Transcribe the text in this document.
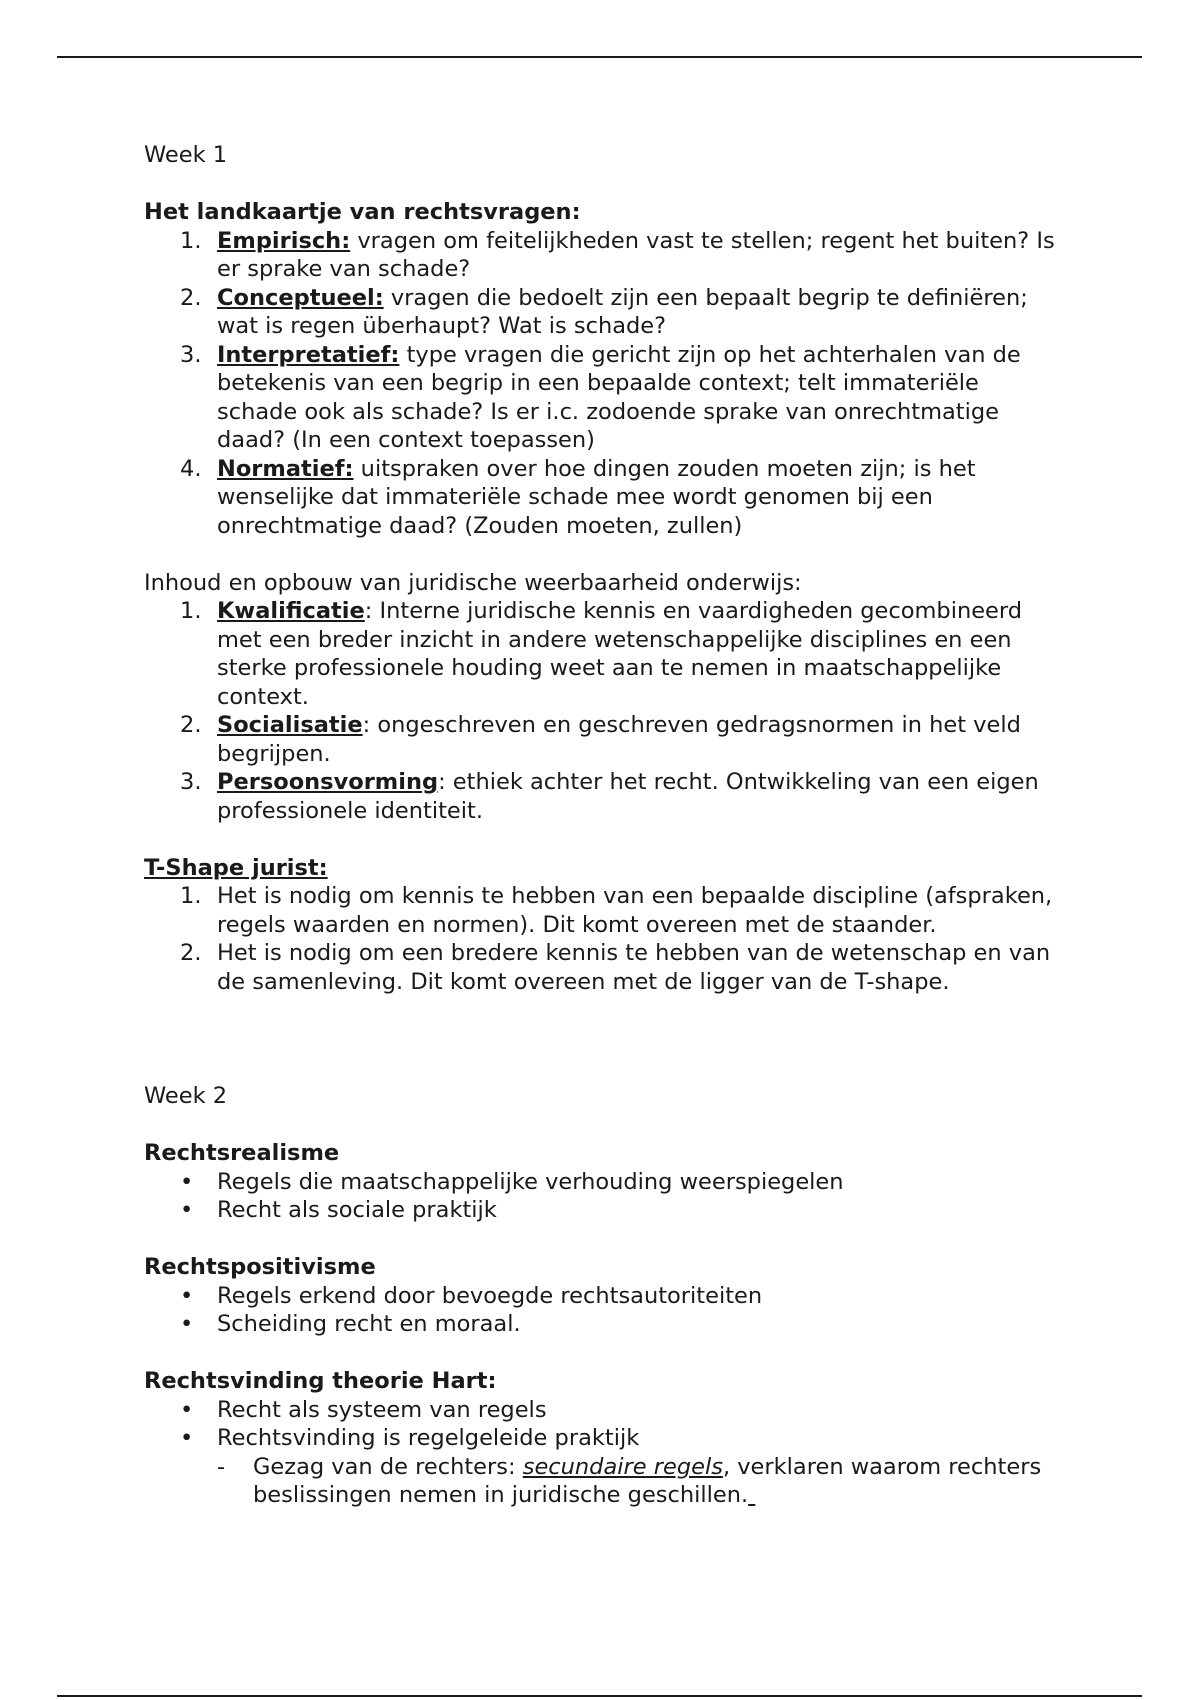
Week 1

Het landkaartje van rechtsvragen:

1. Empirisch: vragen om feitelijkheden vast te stellen; regent het buiten? Is er sprake van schade?
2. Conceptueel: vragen die bedoelt zijn een bepaalt begrip te definiëren; wat is regen überhaupt? Wat is schade?
3. Interpretatief: type vragen die gericht zijn op het achterhalen van de betekenis van een begrip in een bepaalde context; telt immateriële schade ook als schade? Is er i.c. zodoende sprake van onrechtmatige daad? (In een context toepassen)
4. Normatief: uitspraken over hoe dingen zouden moeten zijn; is het wenselijke dat immateriële schade mee wordt genomen bij een onrechtmatige daad? (Zouden moeten, zullen)

Inhoud en opbouw van juridische weerbaarheid onderwijs:

1. Kwalificatie: Interne juridische kennis en vaardigheden gecombineerd met een breder inzicht in andere wetenschappelijke disciplines en een sterke professionele houding weet aan te nemen in maatschappelijke context.
2. Socialisatie: ongeschreven en geschreven gedragsnormen in het veld begrijpen.
3. Persoonsvorming: ethiek achter het recht. Ontwikkeling van een eigen professionele identiteit.

T-Shape jurist:

1. Het is nodig om kennis te hebben van een bepaalde discipline (afspraken, regels waarden en normen). Dit komt overeen met de staander.
2. Het is nodig om een bredere kennis te hebben van de wetenschap en van de samenleving. Dit komt overeen met de ligger van de T-shape.

Week 2

Rechtsrealisme

• Regels die maatschappelijke verhouding weerspiegelen
• Recht als sociale praktijk

Rechtspositivisme

• Regels erkend door bevoegde rechtsautoriteiten
• Scheiding recht en moraal.

Rechtsvinding theorie Hart:

• Recht als systeem van regels
• Rechtsvinding is regelgeleide praktijk
- Gezag van de rechters: secundaire regels, verklaren waarom rechters beslissingen nemen in juridische geschillen.
